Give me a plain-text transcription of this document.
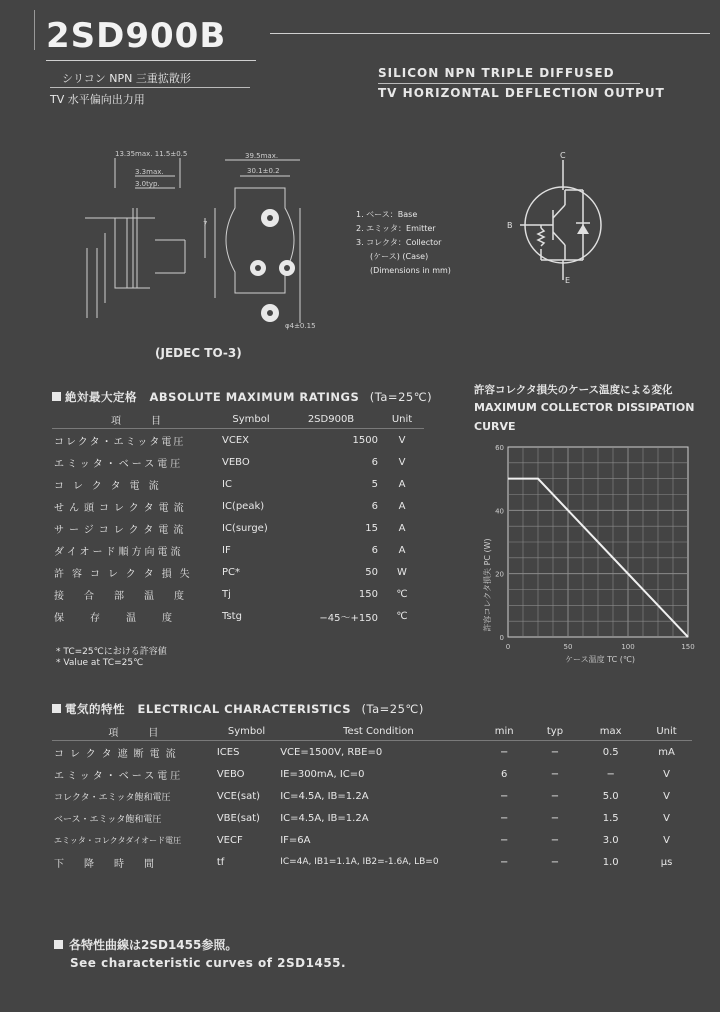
2SD900B
シリコン NPN 三重拡散形
TV 水平偏向出力用
SILICON NPN TRIPLE DIFFUSED
TV HORIZONTAL DEFLECTION OUTPUT
13.35max. 11.5±0.5
3.3max.
3.0typ.
39.5max.
30.1±0.2
7
φ4±0.15
(JEDEC TO-3)
1. ベース：Base
2. エミッタ：Emitter
3. コレクタ：Collector
(ケース) (Case)
(Dimensions in mm)
C
B
E
絶対最大定格 ABSOLUTE MAXIMUM RATINGS (Ta=25℃)
項　　　目	Symbol	2SD900B	Unit
コレクタ・エミッタ電圧	VCEX	1500	V
エミッタ・ベース電圧	VEBO	6	V
コレクタ電流	IC	5	A
せん頭コレクタ電流	IC(peak)	6	A
サージコレクタ電流	IC(surge)	15	A
ダイオード順方向電流	IF	6	A
許容コレクタ損失	PC*	50	W
接合部温度	Tj	150	℃
保存温度	Tstg	−45～+150	℃
* TC=25℃における許容値
* Value at TC=25℃
許容コレクタ損失のケース温度による変化
MAXIMUM COLLECTOR DISSIPATION
CURVE
許容コレクタ損失 PC (W)
ケース温度 TC (℃)
0	50	100	150
0
20
40
60
電気的特性 ELECTRICAL CHARACTERISTICS (Ta=25℃)
項　　　目	Symbol	Test Condition	min	typ	max	Unit
コレクタ遮断電流	ICES	VCE=1500V, RBE=0	−	−	0.5	mA
エミッタ・ベース電圧	VEBO	IE=300mA, IC=0	6	−	−	V
コレクタ・エミッタ飽和電圧	VCE(sat)	IC=4.5A, IB=1.2A	−	−	5.0	V
ベース・エミッタ飽和電圧	VBE(sat)	IC=4.5A, IB=1.2A	−	−	1.5	V
エミッタ・コレクタダイオード電圧	VECF	IF=6A	−	−	3.0	V
下降時間	tf	IC=4A, IB1=1.1A, IB2=-1.6A, LB=0	−	−	1.0	μs
各特性曲線は2SD1455参照。
See characteristic curves of 2SD1455.
